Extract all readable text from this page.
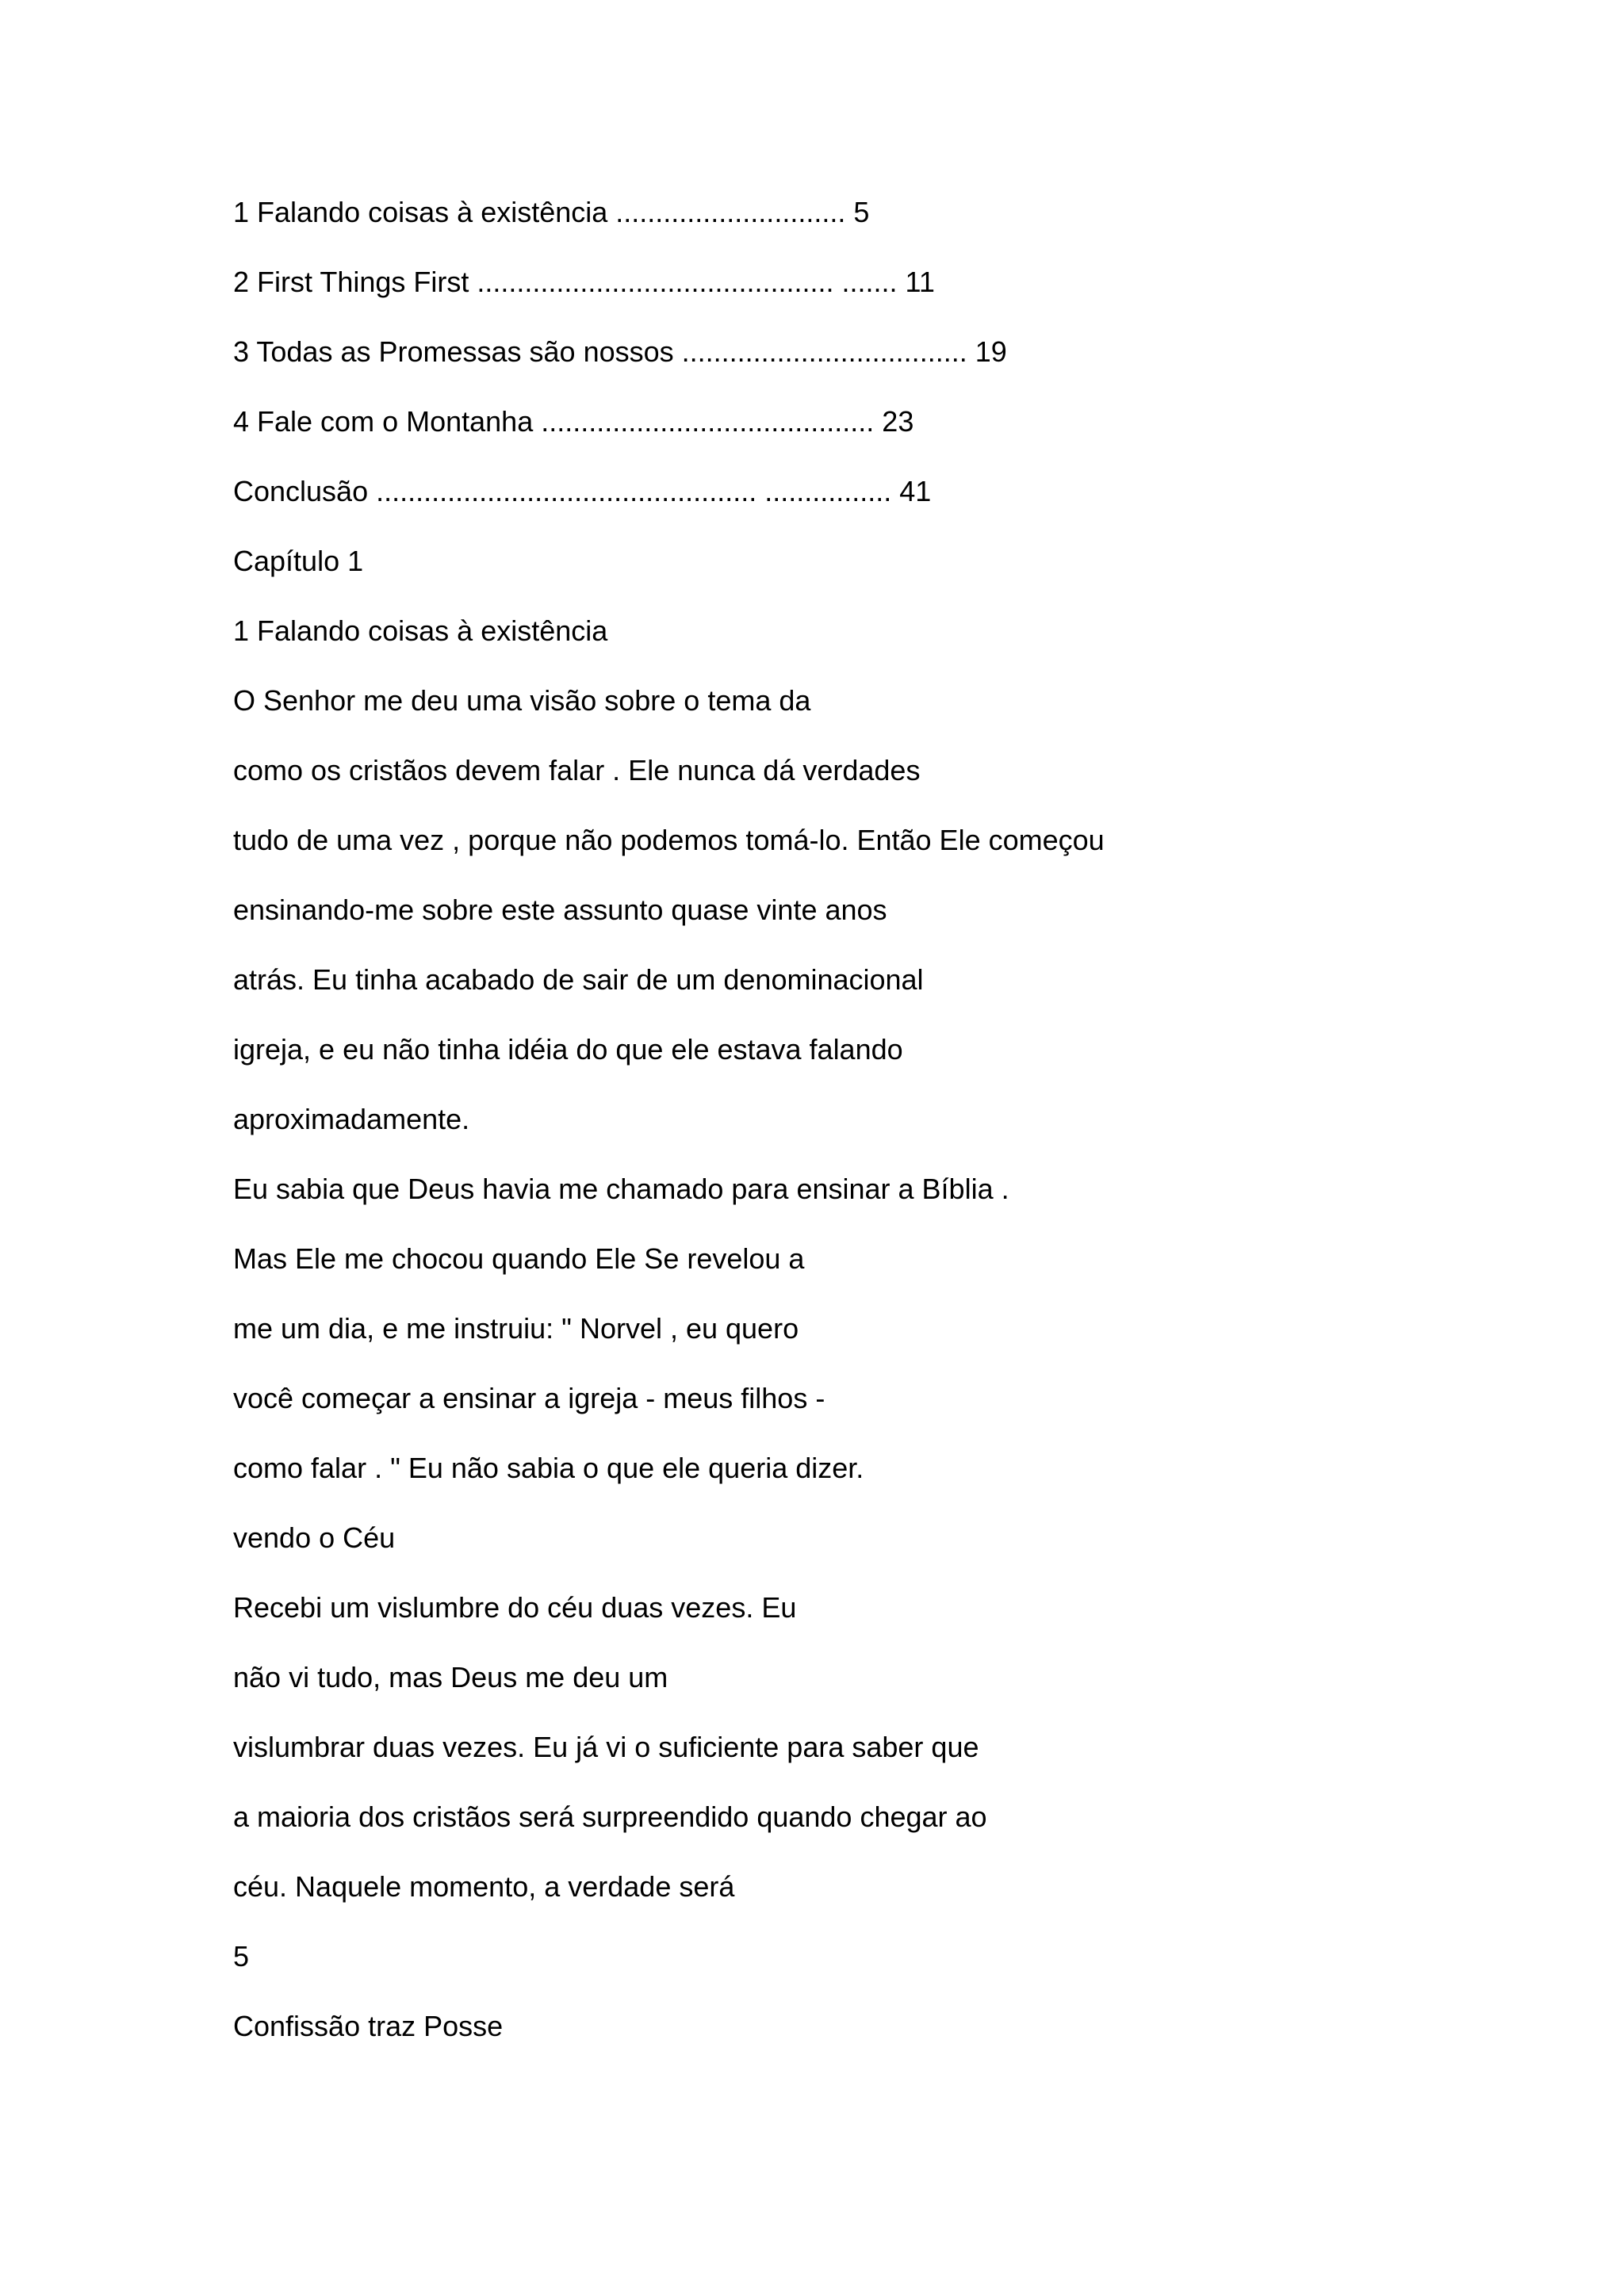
1 Falando coisas à existência ............................. 5
2 First Things First ............................................. ....... 11
3 Todas as Promessas são nossos .................................... 19
4 Fale com o Montanha .......................................... 23
Conclusão ................................................ ................ 41
Capítulo 1
1 Falando coisas à existência
O Senhor me deu uma visão sobre o tema da
como os cristãos devem falar . Ele nunca dá verdades
tudo de uma vez , porque não podemos tomá-lo. Então Ele começou
ensinando-me sobre este assunto quase vinte anos
atrás. Eu tinha acabado de sair de um denominacional
igreja, e eu não tinha idéia do que ele estava falando
aproximadamente.
Eu sabia que Deus havia me chamado para ensinar a Bíblia .
Mas Ele me chocou quando Ele Se revelou a
me um dia, e me instruiu: " Norvel , eu quero
você começar a ensinar a igreja - meus filhos -
como falar . " Eu não sabia o que ele queria dizer.
vendo o Céu
Recebi um vislumbre do céu duas vezes. Eu
não vi tudo, mas Deus me deu um
vislumbrar duas vezes. Eu já vi o suficiente para saber que
a maioria dos cristãos será surpreendido quando chegar ao
céu. Naquele momento, a verdade será
5
Confissão traz Posse
